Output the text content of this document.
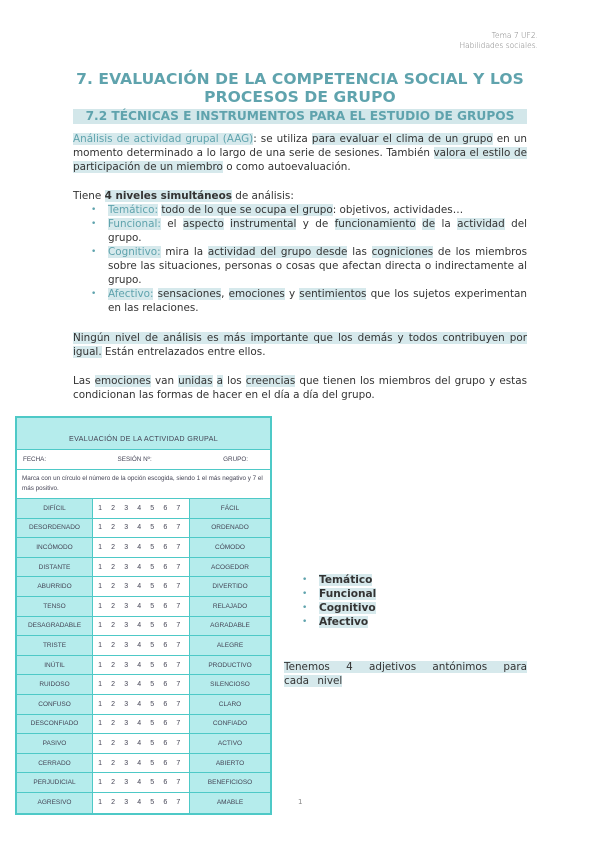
Tema 7 UF2.
Habilidades sociales.
7. EVALUACIÓN DE LA COMPETENCIA SOCIAL Y LOS PROCESOS DE GRUPO
7.2 TÉCNICAS E INSTRUMENTOS PARA EL ESTUDIO DE GRUPOS

Análisis de actividad grupal (AAG): se utiliza para evaluar el clima de un grupo en un momento determinado a lo largo de una serie de sesiones. También valora el estilo de participación de un miembro o como autoevaluación.

Tiene 4 niveles simultáneos de análisis:

• Temático: todo de lo que se ocupa el grupo: objetivos, actividades…
• Funcional: el aspecto instrumental y de funcionamiento de la actividad del grupo.
• Cognitivo: mira la actividad del grupo desde las cogniciones de los miembros sobre las situaciones, personas o cosas que afectan directa o indirectamente al grupo.
• Afectivo: sensaciones, emociones y sentimientos que los sujetos experimentan en las relaciones.

Ningún nivel de análisis es más importante que los demás y todos contribuyen por igual. Están entrelazados entre ellos.

Las emociones van unidas a los creencias que tienen los miembros del grupo y estas condicionan las formas de hacer en el día a día del grupo.

EVALUACIÓN DE LA ACTIVIDAD GRUPAL
FECHA:	SESIÓN Nº:	GRUPO:
Marca con un círculo el número de la opción escogida, siendo 1 el más negativo y 7 el más positivo.
DIFÍCIL	1 2 3 4 5 6 7	FÁCIL
DESORDENADO	1 2 3 4 5 6 7	ORDENADO
INCÓMODO	1 2 3 4 5 6 7	CÓMODO
DISTANTE	1 2 3 4 5 6 7	ACOGEDOR
ABURRIDO	1 2 3 4 5 6 7	DIVERTIDO
TENSO	1 2 3 4 5 6 7	RELAJADO
DESAGRADABLE	1 2 3 4 5 6 7	AGRADABLE
TRISTE	1 2 3 4 5 6 7	ALEGRE
INÚTIL	1 2 3 4 5 6 7	PRODUCTIVO
RUIDOSO	1 2 3 4 5 6 7	SILENCIOSO
CONFUSO	1 2 3 4 5 6 7	CLARO
DESCONFIADO	1 2 3 4 5 6 7	CONFIADO
PASIVO	1 2 3 4 5 6 7	ACTIVO
CERRADO	1 2 3 4 5 6 7	ABIERTO
PERJUDICIAL	1 2 3 4 5 6 7	BENEFICIOSO
AGRESIVO	1 2 3 4 5 6 7	AMABLE
• Temático
• Funcional
• Cognitivo
• Afectivo

Tenemos 4 adjetivos antónimos para cada nivel

1
